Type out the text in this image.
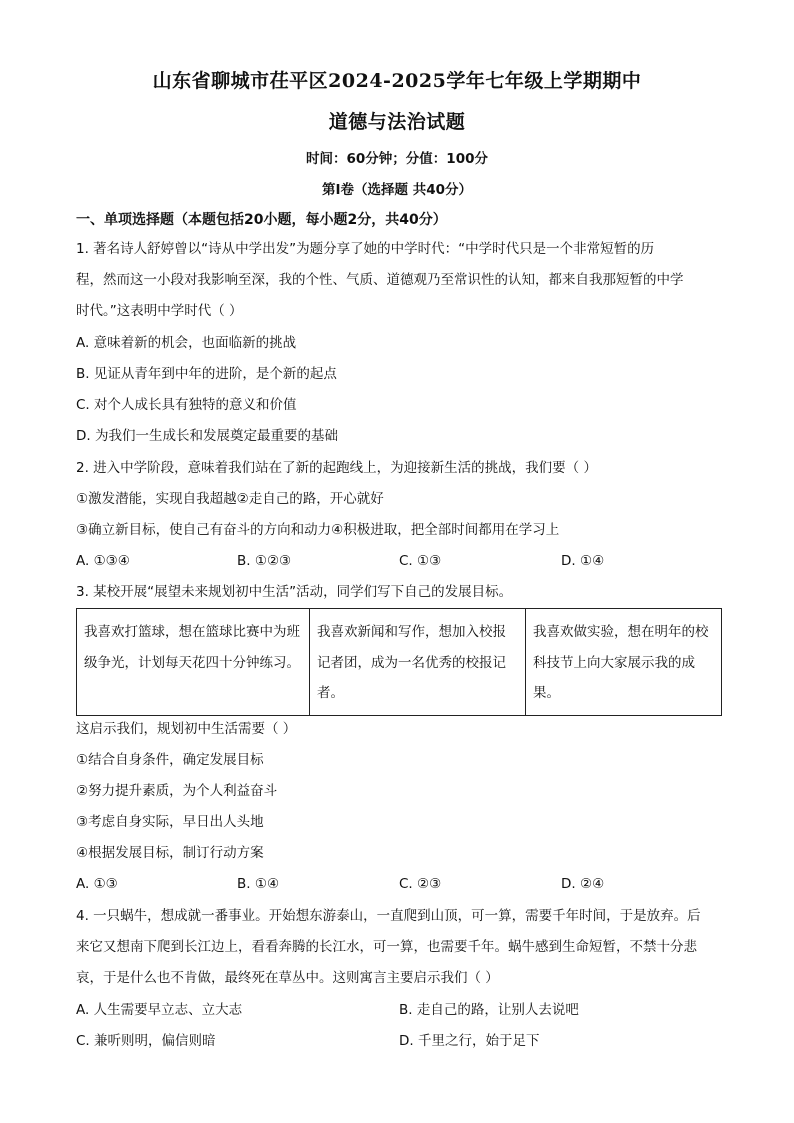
山东省聊城市茌平区2024-2025学年七年级上学期期中
道德与法治试题
时间：60分钟；分值：100分
第Ⅰ卷（选择题 共40分）
一、单项选择题（本题包括20小题，每小题2分，共40分）
1. 著名诗人舒婷曾以“诗从中学出发”为题分享了她的中学时代：“中学时代只是一个非常短暂的历
程，然而这一小段对我影响至深，我的个性、气质、道德观乃至常识性的认知，都来自我那短暂的中学
时代。”这表明中学时代（ ）
A. 意味着新的机会，也面临新的挑战
B. 见证从青年到中年的进阶，是个新的起点
C. 对个人成长具有独特的意义和价值
D. 为我们一生成长和发展奠定最重要的基础
2. 进入中学阶段，意味着我们站在了新的起跑线上，为迎接新生活的挑战，我们要（ ）
①激发潜能，实现自我超越②走自己的路，开心就好
③确立新目标，使自己有奋斗的方向和动力④积极进取，把全部时间都用在学习上
A. ①③④	B. ①②③	C. ①③	D. ①④
3. 某校开展“展望未来规划初中生活”活动，同学们写下自己的发展目标。
我喜欢打篮球，想在篮球比赛中为班级争光，计划每天花四十分钟练习。	我喜欢新闻和写作，想加入校报记者团，成为一名优秀的校报记者。	我喜欢做实验，想在明年的校科技节上向大家展示我的成果。
这启示我们，规划初中生活需要（ ）
①结合自身条件，确定发展目标
②努力提升素质，为个人利益奋斗
③考虑自身实际，早日出人头地
④根据发展目标，制订行动方案
A. ①③	B. ①④	C. ②③	D. ②④
4. 一只蜗牛，想成就一番事业。开始想东游泰山，一直爬到山顶，可一算，需要千年时间，于是放弃。后
来它又想南下爬到长江边上，看看奔腾的长江水，可一算，也需要千年。蜗牛感到生命短暂，不禁十分悲
哀，于是什么也不肯做，最终死在草丛中。这则寓言主要启示我们（ ）
A. 人生需要早立志、立大志	B. 走自己的路，让别人去说吧
C. 兼听则明，偏信则暗	D. 千里之行，始于足下
